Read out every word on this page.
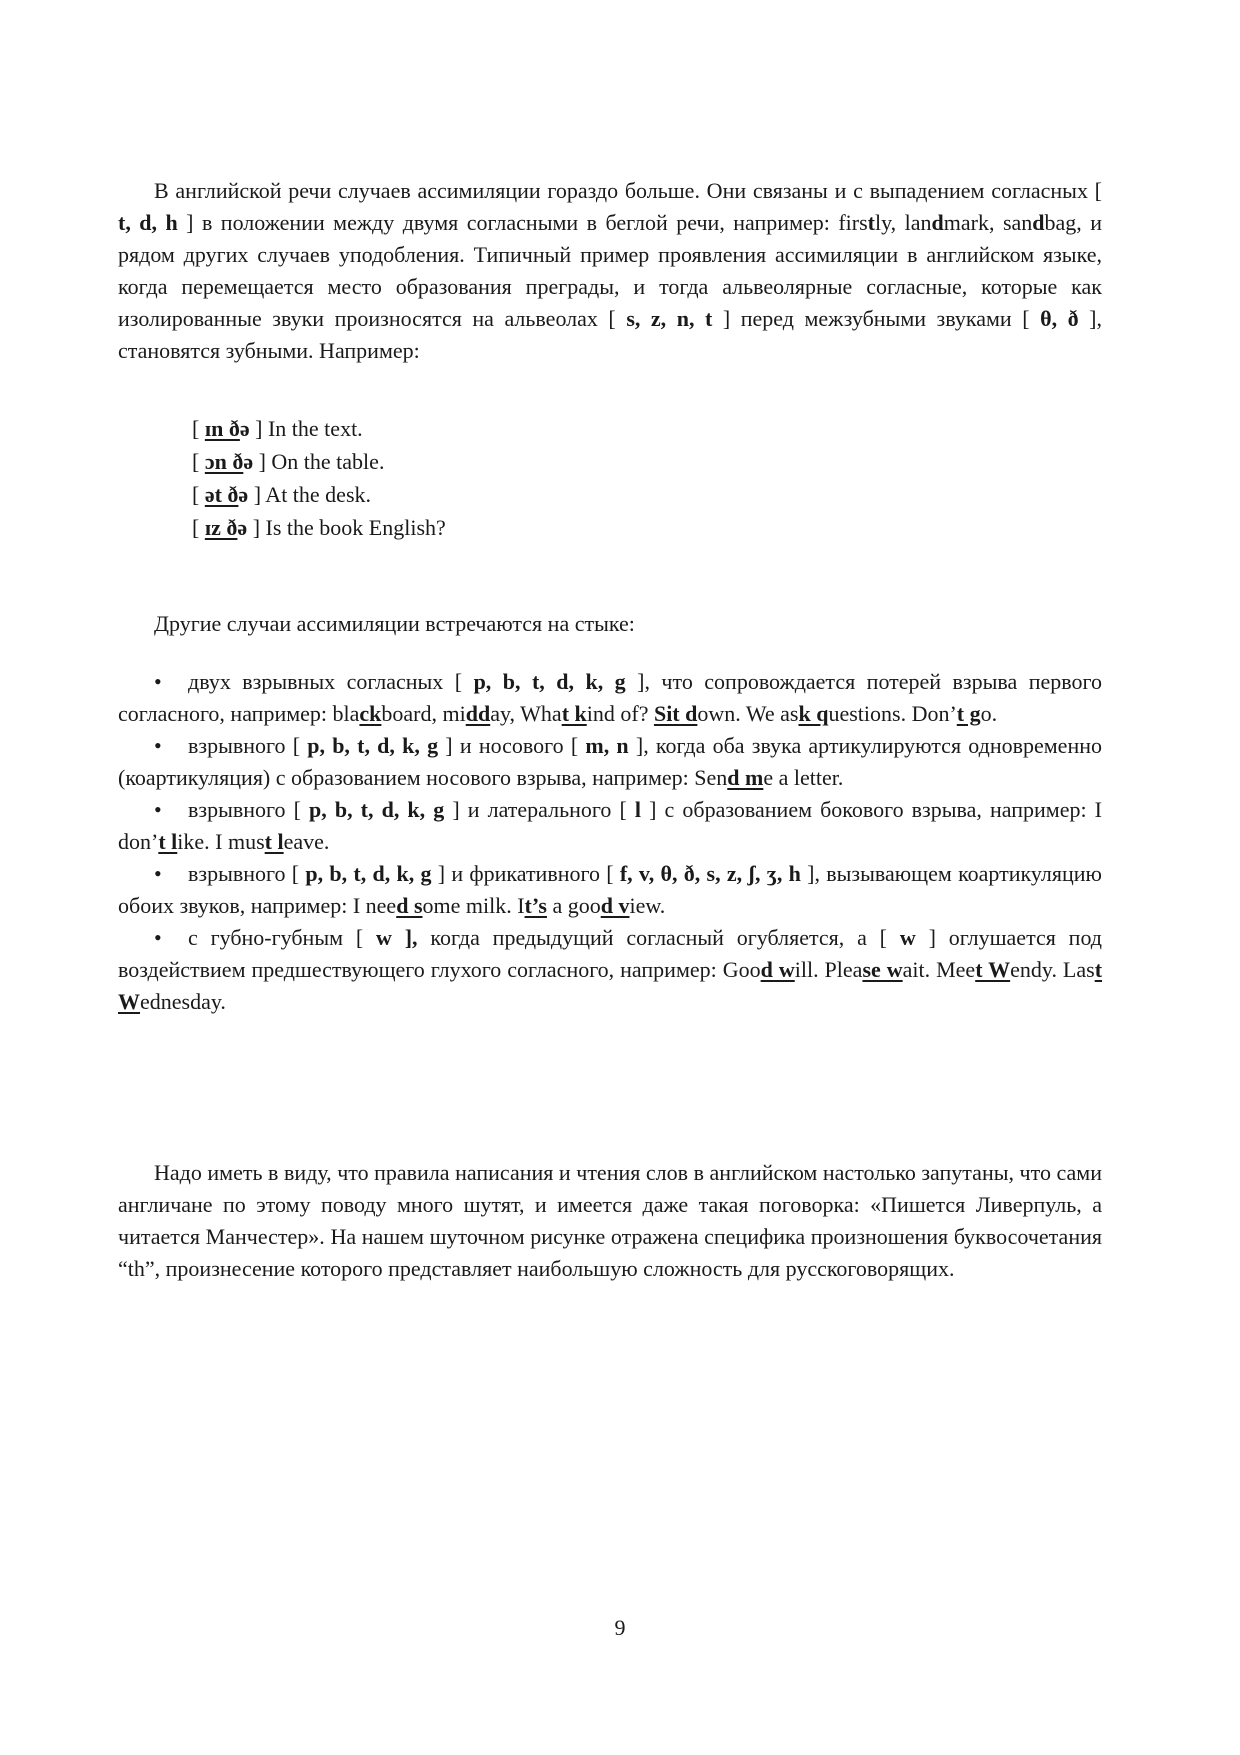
В английской речи случаев ассимиляции гораздо больше. Они связаны и с выпадением согласных [ t, d, h ] в положении между двумя согласными в беглой речи, например: firstly, landmark, sandbag, и рядом других случаев уподобления. Типичный пример проявления ассимиляции в английском языке, когда перемещается место образования преграды, и тогда альвеолярные согласные, которые как изолированные звуки произносятся на альвеолах [ s, z, n, t ] перед межзубными звуками [ θ, ð ], становятся зубными. Например:

[ ɪn ðə ] In the text.
[ ɔn ðə ] On the table.
[ ət ðə ] At the desk.
[ ɪz ðə ] Is the book English?

Другие случаи ассимиляции встречаются на стыке:

• двух взрывных согласных [ p, b, t, d, k, g ], что сопровождается потерей взрыва первого согласного, например: blackboard, midday, What kind of? Sit down. We ask questions. Don’t go.
• взрывного [ p, b, t, d, k, g ] и носового [ m, n ], когда оба звука артикулируются одновременно (коартикуляция) с образованием носового взрыва, например: Send me a letter.
• взрывного [ p, b, t, d, k, g ] и латерального [ l ] с образованием бокового взрыва, например: I don’t like. I must leave.
• взрывного [ p, b, t, d, k, g ] и фрикативного [ f, v, θ, ð, s, z, ʃ, ʒ, h ], вызывающем коартикуляцию обоих звуков, например: I need some milk. It’s a good view.
• с губно-губным [ w ], когда предыдущий согласный огубляется, а [ w ] оглушается под воздействием предшествующего глухого согласного, например: Good will. Please wait. Meet Wendy. Last Wednesday.

Надо иметь в виду, что правила написания и чтения слов в английском настолько запутаны, что сами англичане по этому поводу много шутят, и имеется даже такая поговорка: «Пишется Ливерпуль, а читается Манчестер». На нашем шуточном рисунке отражена специфика произношения буквосочетания “th”, произнесение которого представляет наибольшую сложность для русскоговорящих.

9
